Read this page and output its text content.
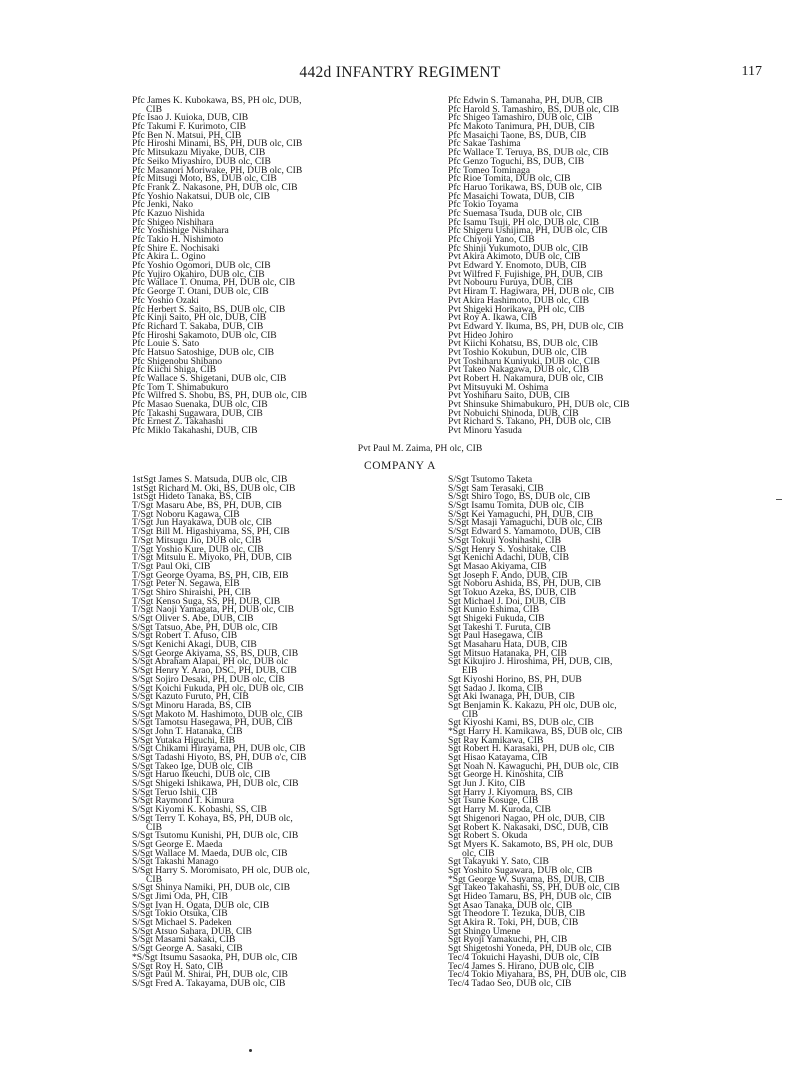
442d INFANTRY REGIMENT	117
Pfc James K. Kubokawa, BS, PH olc, DUB,
CIB
Pfc Isao J. Kuioka, DUB, CIB
Pfc Takumi F. Kurimoto, CIB
Pfc Ben N. Matsui, PH, CIB
Pfc Hiroshi Minami, BS, PH, DUB olc, CIB
Pfc Mitsukazu Miyake, DUB, CIB
Pfc Seiko Miyashiro, DUB olc, CIB
Pfc Masanori Moriwake, PH, DUB olc, CIB
Pfc Mitsugi Moto, BS, DUB olc, CIB
Pfc Frank Z. Nakasone, PH, DUB olc, CIB
Pfc Yoshio Nakatsui, DUB olc, CIB
Pfc Jenki, Nako
Pfc Kazuo Nishida
Pfc Shigeo Nishihara
Pfc Yoshishige Nishihara
Pfc Takio H. Nishimoto
Pfc Shire E. Nochisaki
Pfc Akira L. Ogino
Pfc Yoshio Ogomori, DUB olc, CIB
Pfc Yujiro Okahiro, DUB olc, CIB
Pfc Wallace T. Onuma, PH, DUB olc, CIB
Pfc George T. Otani, DUB olc, CIB
Pfc Yoshio Ozaki
Pfc Herbert S. Saito, BS, DUB olc, CIB
Pfc Kinji Saito, PH olc, DUB, CIB
Pfc Richard T. Sakaba, DUB, CIB
Pfc Hiroshi Sakamoto, DUB olc, CIB
Pfc Louie S. Sato
Pfc Hatsuo Satoshige, DUB olc, CIB
Pfc Shigenobu Shibano
Pfc Kiichi Shiga, CIB
Pfc Wallace S. Shigetani, DUB olc, CIB
Pfc Tom T. Shimabukuro
Pfc Wilfred S. Shobu, BS, PH, DUB olc, CIB
Pfc Masao Suenaka, DUB olc, CIB
Pfc Takashi Sugawara, DUB, CIB
Pfc Ernest Z. Takahashi
Pfc Miklo Takahashi, DUB, CIB
Pfc Edwin S. Tamanaha, PH, DUB, CIB
Pfc Harold S. Tamashiro, BS, DUB olc, CIB
Pfc Shigeo Tamashiro, DUB olc, CIB
Pfc Makoto Tanimura, PH, DUB, CIB
Pfc Masaichi Taone, BS, DUB, CIB
Pfc Sakae Tashima
Pfc Wallace T. Teruya, BS, DUB olc, CIB
Pfc Genzo Toguchi, BS, DUB, CIB
Pfc Tomeo Tominaga
Pfc Rioe Tomita, DUB olc, CIB
Pfc Haruo Torikawa, BS, DUB olc, CIB
Pfc Masaichi Towata, DUB, CIB
Pfc Tokio Toyama
Pfc Suemasa Tsuda, DUB olc, CIB
Pfc Isamu Tsuji, PH olc, DUB olc, CIB
Pfc Shigeru Ushijima, PH, DUB olc, CIB
Pfc Chiyoji Yano, CIB
Pfc Shinji Yukumoto, DUB olc, CIB
Pvt Akira Akimoto, DUB olc, CIB
Pvt Edward Y. Enomoto, DUB, CIB
Pvt Wilfred F. Fujishige, PH, DUB, CIB
Pvt Nobouru Furuya, DUB, CIB
Pvt Hiram T. Hagiwara, PH, DUB olc, CIB
Pvt Akira Hashimoto, DUB olc, CIB
Pvt Shigeki Horikawa, PH olc, CIB
Pvt Roy A. Ikawa, CIB
Pvt Edward Y. Ikuma, BS, PH, DUB olc, CIB
Pvt Hideo Johiro
Pvt Kiichi Kohatsu, BS, DUB olc, CIB
Pvt Toshio Kokubun, DUB olc, CIB
Pvt Toshiharu Kuniyuki, DUB olc, CIB
Pvt Takeo Nakagawa, DUB olc, CIB
Pvt Robert H. Nakamura, DUB olc, CIB
Pvt Mitsuyuki M. Oshima
Pvt Yoshiharu Saito, DUB, CIB
Pvt Shinsuke Shimabukuro, PH, DUB olc, CIB
Pvt Nobuichi Shinoda, DUB, CIB
Pvt Richard S. Takano, PH, DUB olc, CIB
Pvt Minoru Yasuda
Pvt Paul M. Zaima, PH olc, CIB
COMPANY A
1stSgt James S. Matsuda, DUB olc, CIB
1stSgt Richard M. Oki, BS, DUB olc, CIB
1stSgt Hideto Tanaka, BS, CIB
T/Sgt Masaru Abe, BS, PH, DUB, CIB
T/Sgt Noboru Kagawa, CIB
T/Sgt Jun Hayakawa, DUB olc, CIB
T/Sgt Bill M. Higashiyama, SS, PH, CIB
T/Sgt Mitsugu Jio, DUB olc, CIB
T/Sgt Yoshio Kure, DUB olc, CIB
T/Sgt Mitsulu E. Miyoko, PH, DUB, CIB
T/Sgt Paul Oki, CIB
T/Sgt George Oyama, BS, PH, CIB, EIB
T/Sgt Peter N. Segawa, EIB
T/Sgt Shiro Shiraishi, PH, CIB
T/Sgt Kenso Suga, SS, PH, DUB, CIB
T/Sgt Naoji Yamagata, PH, DUB olc, CIB
S/Sgt Oliver S. Abe, DUB, CIB
S/Sgt Tatsuo, Abe, PH, DUB olc, CIB
S/Sgt Robert T. Afuso, CIB
S/Sgt Kenichi Akagi, DUB, CIB
S/Sgt George Akiyama, SS, BS, DUB, CIB
S/Sgt Abraham Alapai, PH olc, DUB olc
S/Sgt Henry Y. Arao, DSC, PH, DUB, CIB
S/Sgt Sojiro Desaki, PH, DUB olc, CIB
S/Sgt Koichi Fukuda, PH olc, DUB olc, CIB
S/Sgt Kazuto Furuto, PH, CIB
S/Sgt Minoru Harada, BS, CIB
S/Sgt Makoto M. Hashimoto, DUB olc, CIB
S/Sgt Tamotsu Hasegawa, PH, DUB, CIB
S/Sgt John T. Hatanaka, CIB
S/Sgt Yutaka Higuchi, EIB
S/Sgt Chikami Hirayama, PH, DUB olc, CIB
S/Sgt Tadashi Hiyoto, BS, PH, DUB o'c, CIB
S/Sgt Takeo Ige, DUB olc, CIB
S/Sgt Haruo Ikeuchi, DUB olc, CIB
S/Sgt Shigeki Ishikawa, PH, DUB olc, CIB
S/Sgt Teruo Ishii, CIB
S/Sgt Raymond T. Kimura
S/Sgt Kiyomi K. Kobashi, SS, CIB
S/Sgt Terry T. Kohaya, BS, PH, DUB olc,
CIB
S/Sgt Tsutomu Kunishi, PH, DUB olc, CIB
S/Sgt George E. Maeda
S/Sgt Wallace M. Maeda, DUB olc, CIB
S/Sgt Takashi Manago
S/Sgt Harry S. Moromisato, PH olc, DUB olc,
CIB
S/Sgt Shinya Namiki, PH, DUB olc, CIB
S/Sgt Jimi Oda, PH, CIB
S/Sgt Ivan H. Ogata, DUB olc, CIB
S/Sgt Tokio Otsuka, CIB
S/Sgt Michael S. Padeken
S/Sgt Atsuo Sahara, DUB, CIB
S/Sgt Masami Sakaki, CIB
S/Sgt George A. Sasaki, CIB
*S/Sgt Itsumu Sasaoka, PH, DUB olc, CIB
S/Sgt Roy H. Sato, CIB
S/Sgt Paul M. Shirai, PH, DUB olc, CIB
S/Sgt Fred A. Takayama, DUB olc, CIB
S/Sgt Tsutomo Taketa
S/Sgt Sam Terasaki, CIB
S/Sgt Shiro Togo, BS, DUB olc, CIB
S/Sgt Isamu Tomita, DUB olc, CIB
S/Sgt Kei Yamaguchi, PH, DUB, CIB
S/Sgt Masaji Yamaguchi, DUB olc, CIB
S/Sgt Edward S. Yamamoto, DUB, CIB
S/Sgt Tokuji Yoshihashi, CIB
S/Sgt Henry S. Yoshitake, CIB
Sgt Kenichi Adachi, DUB, CIB
Sgt Masao Akiyama, CIB
Sgt Joseph F. Ando, DUB, CIB
Sgt Noboru Ashida, BS, PH, DUB, CIB
Sgt Tokuo Azeka, BS, DUB, CIB
Sgt Michael J. Doi, DUB, CIB
Sgt Kunio Eshima, CIB
Sgt Shigeki Fukuda, CIB
Sgt Takeshi T. Furuta, CIB
Sgt Paul Hasegawa, CIB
Sgt Masaharu Hata, DUB, CIB
Sgt Mitsuo Hatanaka, PH, CIB
Sgt Kikujiro J. Hiroshima, PH, DUB, CIB,
EIB
Sgt Kiyoshi Horino, BS, PH, DUB
Sgt Sadao J. Ikoma, CIB
Sgt Aki Iwanaga, PH, DUB, CIB
Sgt Benjamin K. Kakazu, PH olc, DUB olc,
CIB
Sgt Kiyoshi Kami, BS, DUB olc, CIB
*Sgt Harry H. Kamikawa, BS, DUB olc, CIB
Sgt Ray Kamikawa, CIB
Sgt Robert H. Karasaki, PH, DUB olc, CIB
Sgt Hisao Katayama, CIB
Sgt Noah N. Kawaguchi, PH, DUB olc, CIB
Sgt George H. Kinoshita, CIB
Sgt Jun J. Kito, CIB
Sgt Harry J. Kiyomura, BS, CIB
Sgt Tsune Kosuge, CIB
Sgt Harry M. Kuroda, CIB
Sgt Shigenori Nagao, PH olc, DUB, CIB
Sgt Robert K. Nakasaki, DSC, DUB, CIB
Sgt Robert S. Okuda
Sgt Myers K. Sakamoto, BS, PH olc, DUB
olc, CIB
Sgt Takayuki Y. Sato, CIB
Sgt Yoshito Sugawara, DUB olc, CIB
*Sgt George W. Suyama, BS, DUB, CIB
Sgt Takeo Takahashi, SS, PH, DUB olc, CIB
Sgt Hideo Tamaru, BS, PH, DUB olc, CIB
Sgt Asao Tanaka, DUB olc, CIB
Sgt Theodore T. Tezuka, DUB, CIB
Sgt Akira R. Toki, PH, DUB, CIB
Sgt Shingo Umene
Sgt Ryoji Yamakuchi, PH, CIB
Sgt Shigetoshi Yoneda, PH, DUB olc, CIB
Tec/4 Tokuichi Hayashi, DUB olc, CIB
Tec/4 James S. Hirano, DUB olc, CIB
Tec/4 Tokio Miyahara, BS, PH, DUB olc, CIB
Tec/4 Tadao Seo, DUB olc, CIB
